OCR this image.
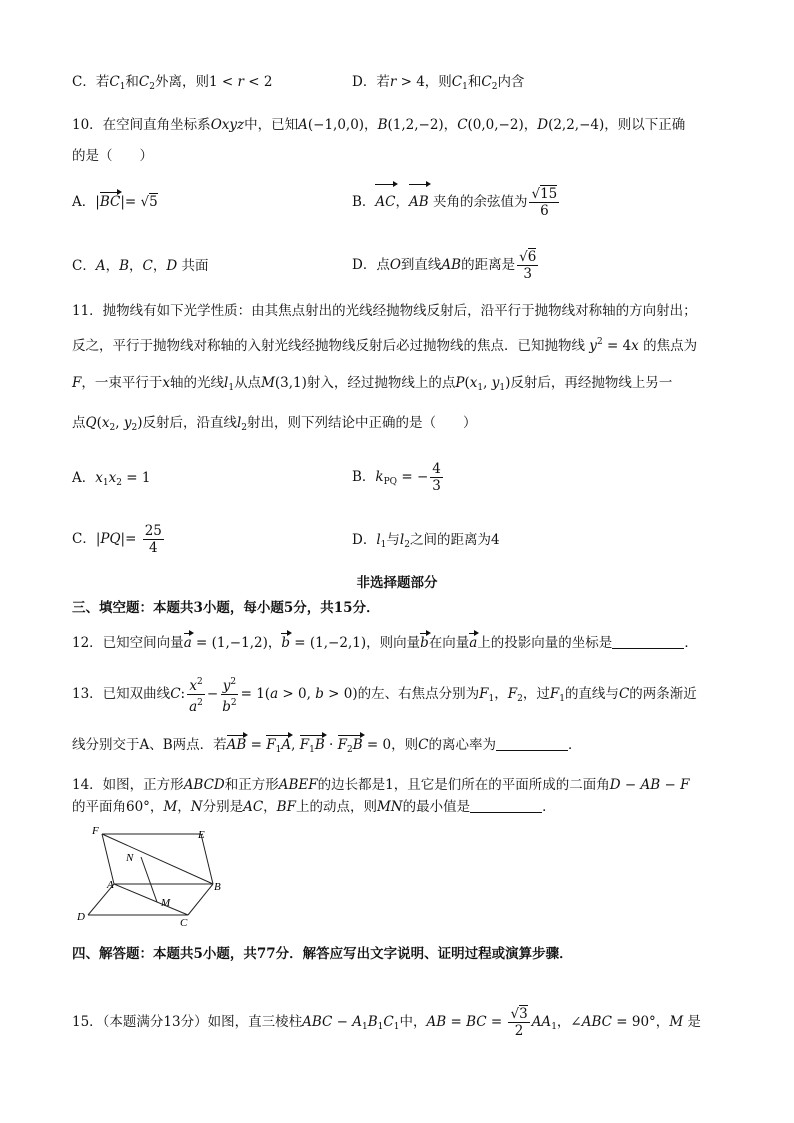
C．若$C_1$和$C_2$外离，则1 < r < 2	D．若r > 4，则$C_1$和$C_2$内含
10．在空间直角坐标系Oxyz中，已知A(−1,0,0)，B(1,2,−2)，C(0,0,−2)，D(2,2,−4)，则以下正确
的是（　　）
A．|BC|= √5	B．AC，AB 夹角的余弦值为 $\frac{√15}{6}$
C．A，B，C，D 共面	D．点O到直线AB的距离是 $\frac{√6}{3}$
11．抛物线有如下光学性质：由其焦点射出的光线经抛物线反射后，沿平行于抛物线对称轴的方向射出；
反之，平行于抛物线对称轴的入射光线经抛物线反射后必过抛物线的焦点．已知抛物线 $y^2 = 4x$ 的焦点为
F，一束平行于x轴的光线$l_1$从点M(3,1)射入，经过抛物线上的点$P(x_1$, $y_1$)反射后，再经抛物线上另一
点$Q(x_2$, $y_2$)反射后，沿直线$l_2$射出，则下列结论中正确的是（　　）
A．$x_1x_2 = 1$	B．$k_{PQ}$ = − $\frac{4}{3}$
C．$|PQ|= \frac{25}{4}$	D．$l_1$与$l_2$之间的距离为4
非选择题部分
三、填空题：本题共3小题，每小题5分，共15分．
12．已知空间向量a = (1,−1,2)，b = (1,−2,1)，则向量b在向量a上的投影向量的坐标是	．
13．已知双曲线C: $\frac{x^2}{a^2} - \frac{y^2}{b^2} = 1(a > 0$, b > 0)的左、右焦点分别为$F_1$，$F_2$，过$F_1$的直线与C的两条渐近
线分别交于A、B两点．若AB = $F_1A$, $F_1B \cdot F_2B = 0$，则C的离心率为	．
14．如图，正方形ABCD和正方形ABEF的边长都是1，且它是们所在的平面所成的二面角D − AB − F
的平面角60°，M，N分别是AC，BF上的动点，则MN的最小值是	．
F	E
N
A	B
M
D	C
四、解答题：本题共5小题，共77分．解答应写出文字说明、证明过程或演算步骤．
15．（本题满分13分）如图，直三棱柱ABC − $A_1B_1C_1$中，AB = BC = $\frac{√3}{2} AA_1$，∠ABC = 90°，M 是
